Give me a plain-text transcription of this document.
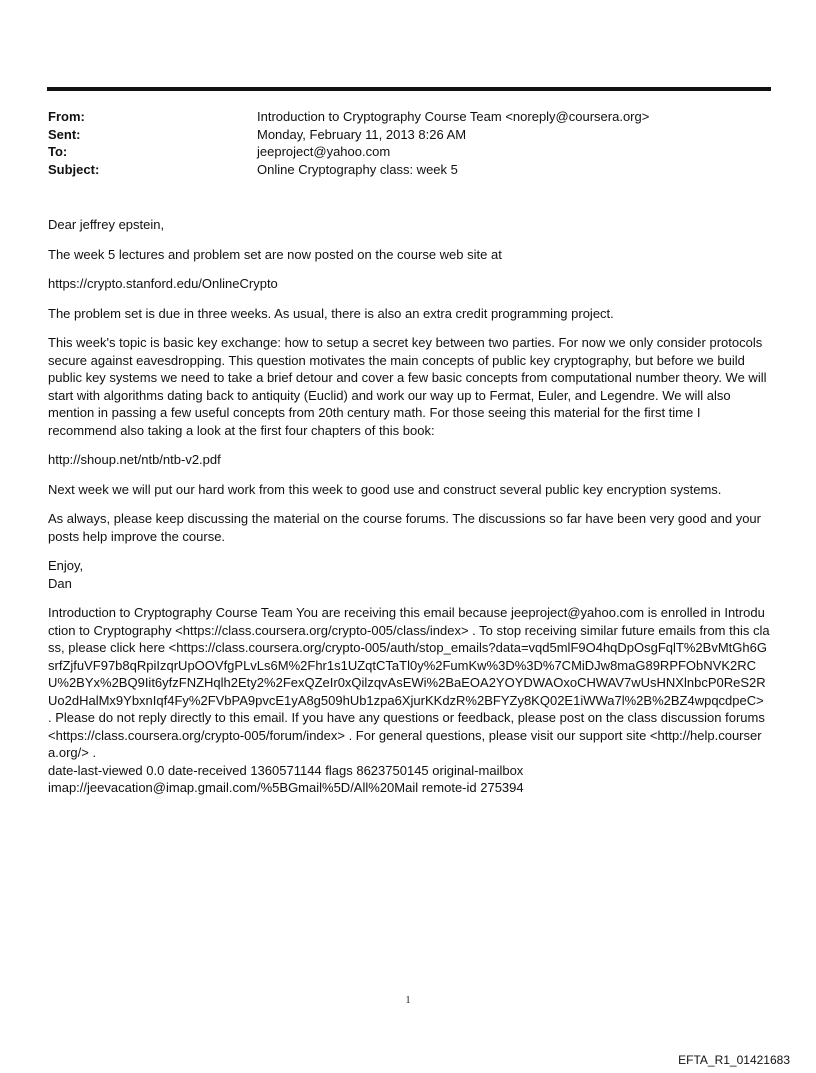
From:	Introduction to Cryptography Course Team <noreply@coursera.org>
Sent:	Monday, February 11, 2013 8:26 AM
To:	jeeproject@yahoo.com
Subject:	Online Cryptography class: week 5

Dear jeffrey epstein,

The week 5 lectures and problem set are now posted on the course web site at

https://crypto.stanford.edu/OnlineCrypto

The problem set is due in three weeks. As usual, there is also an extra credit programming project.

This week's topic is basic key exchange: how to setup a secret key between two parties. For now we only consider protocols secure against eavesdropping. This question motivates the main concepts of public key cryptography, but before we build public key systems we need to take a brief detour and cover a few basic concepts from computational number theory. We will start with algorithms dating back to antiquity (Euclid) and work our way up to Fermat, Euler, and Legendre. We will also mention in passing a few useful concepts from 20th century math. For those seeing this material for the first time I recommend also taking a look at the first four chapters of this book:

http://shoup.net/ntb/ntb-v2.pdf

Next week we will put our hard work from this week to good use and construct several public key encryption systems.

As always, please keep discussing the material on the course forums. The discussions so far have been very good and your posts help improve the course.

Enjoy,

Dan

Introduction to Cryptography Course Team You are receiving this email because jeeproject@yahoo.com is enrolled in Introduction to Cryptography <https://class.coursera.org/crypto-005/class/index> . To stop receiving similar future emails from this class, please click here <https://class.coursera.org/crypto-005/auth/stop_emails?data=vqd5mlF9O4hqDpOsgFqlT%2BvMtGh6GsrfZjfuVF97b8qRpiIzqrUpOOVfgPLvLs6M%2Fhr1s1UZqtCTaTl0y%2FumKw%3D%3D%7CMiDJw8maG89RPFObNVK2RCU%2BYx%2BQ9Iit6yfzFNZHqlh2Ety2%2FexQZeIr0xQilzqvAsEWi%2BaEOA2YOYDWAOxoCHWAV7wUsHNXlnbcP0ReS2RUo2dHalMx9YbxnIqf4Fy%2FVbPA9pvcE1yA8g509hUb1zpa6XjurKKdzR%2BFYZy8KQ02E1iWWa7l%2B%2BZ4wpqcdpeC> . Please do not reply directly to this email. If you have any questions or feedback, please post on the class discussion forums <https://class.coursera.org/crypto-005/forum/index> . For general questions, please visit our support site <http://help.coursera.org/> .

date-last-viewed 0.0 date-received 1360571144 flags 8623750145 original-mailbox

imap://jeevacation@imap.gmail.com/%5BGmail%5D/All%20Mail remote-id 275394

1
EFTA_R1_01421683
